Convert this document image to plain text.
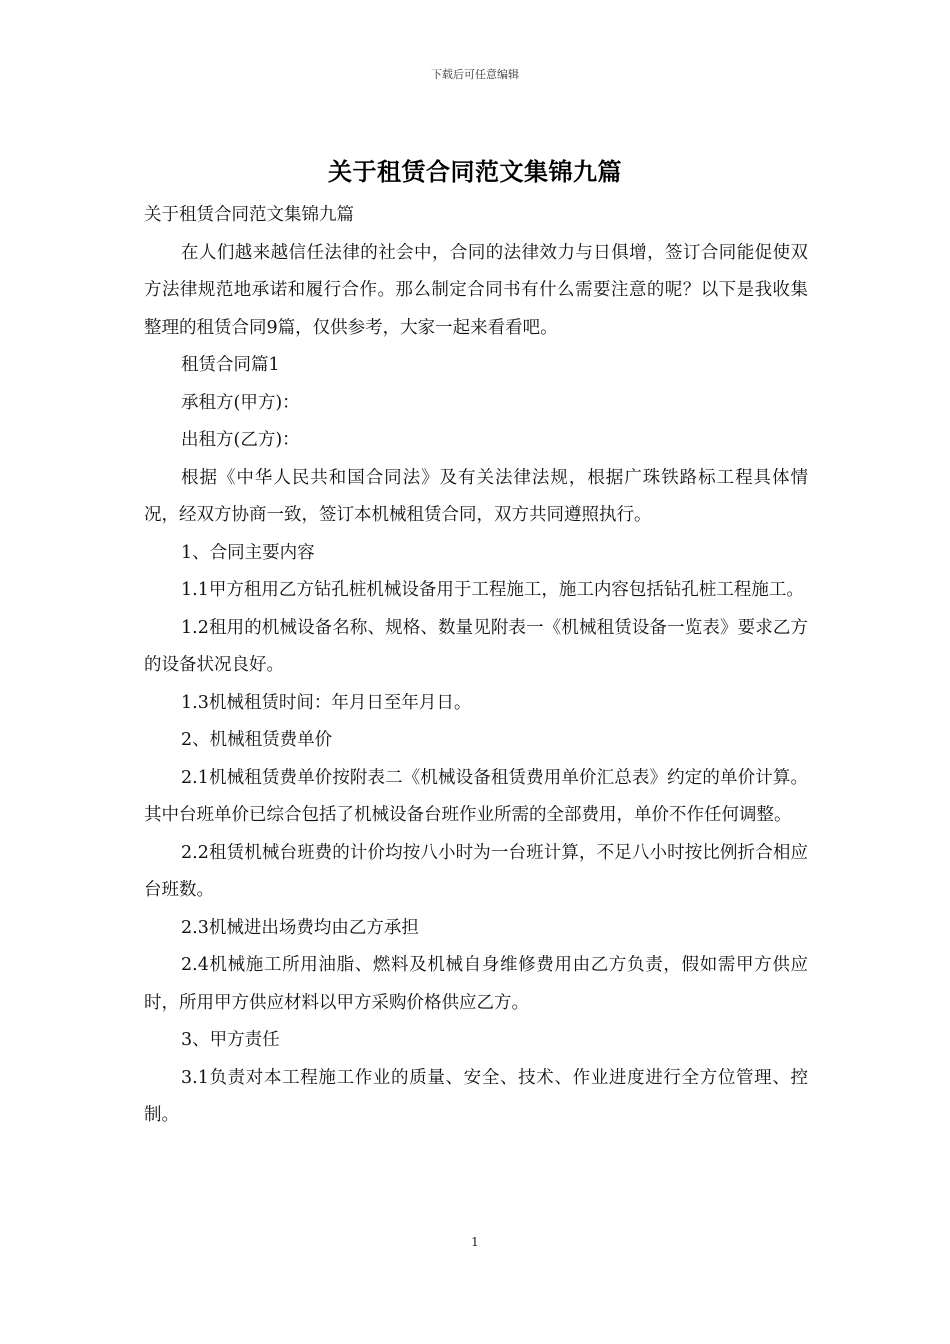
下载后可任意编辑
关于租赁合同范文集锦九篇

关于租赁合同范文集锦九篇

在人们越来越信任法律的社会中，合同的法律效力与日俱增，签订合同能促使双方法律规范地承诺和履行合作。那么制定合同书有什么需要注意的呢？以下是我收集整理的租赁合同9篇，仅供参考，大家一起来看看吧。

租赁合同篇1

承租方(甲方)：

出租方(乙方)：

根据《中华人民共和国合同法》及有关法律法规，根据广珠铁路标工程具体情况，经双方协商一致，签订本机械租赁合同，双方共同遵照执行。

1、合同主要内容

1.1甲方租用乙方钻孔桩机械设备用于工程施工，施工内容包括钻孔桩工程施工。

1.2租用的机械设备名称、规格、数量见附表一《机械租赁设备一览表》要求乙方的设备状况良好。

1.3机械租赁时间：年月日至年月日。

2、机械租赁费单价

2.1机械租赁费单价按附表二《机械设备租赁费用单价汇总表》约定的单价计算。其中台班单价已综合包括了机械设备台班作业所需的全部费用，单价不作任何调整。

2.2租赁机械台班费的计价均按八小时为一台班计算，不足八小时按比例折合相应台班数。

2.3机械进出场费均由乙方承担

2.4机械施工所用油脂、燃料及机械自身维修费用由乙方负责，假如需甲方供应时，所用甲方供应材料以甲方采购价格供应乙方。

3、甲方责任

3.1负责对本工程施工作业的质量、安全、技术、作业进度进行全方位管理、控制。

1
